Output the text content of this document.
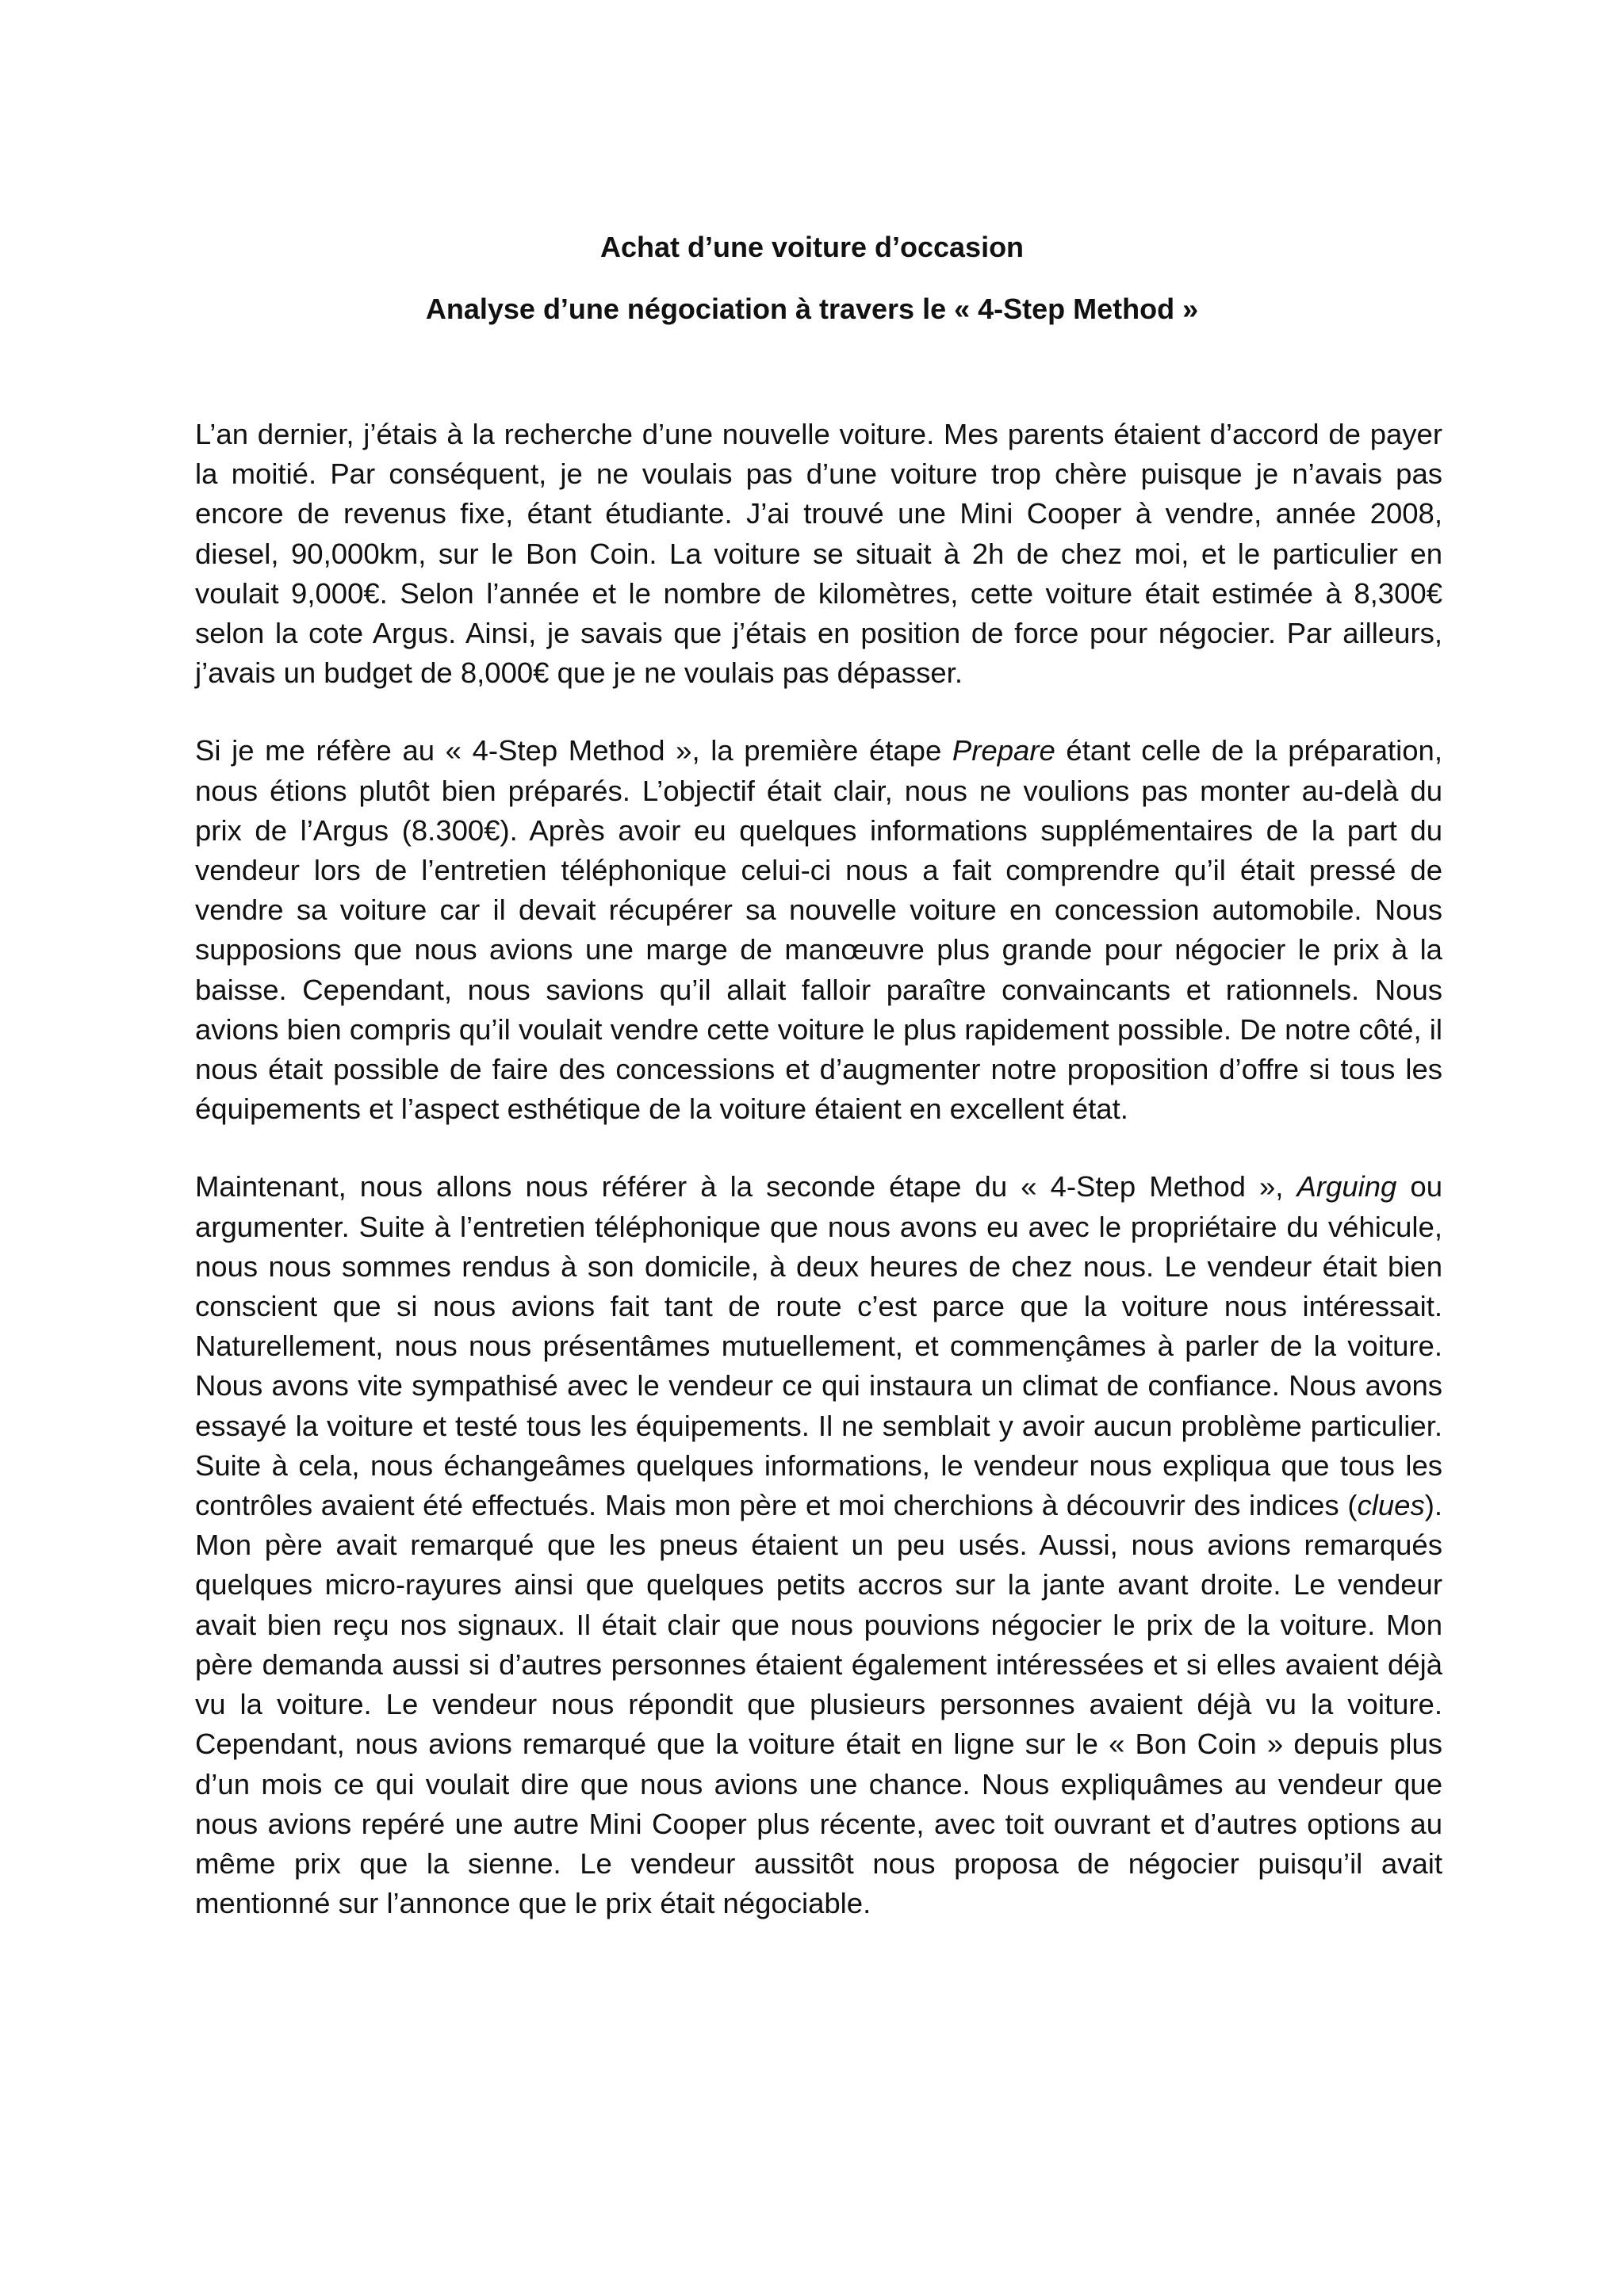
Achat d’une voiture d’occasion

Analyse d’une négociation à travers le « 4-Step Method »

L’an dernier, j’étais à la recherche d’une nouvelle voiture. Mes parents étaient d’accord de payer la moitié. Par conséquent, je ne voulais pas d’une voiture trop chère puisque je n’avais pas encore de revenus fixe, étant étudiante. J’ai trouvé une Mini Cooper à vendre, année 2008, diesel, 90,000km, sur le Bon Coin. La voiture se situait à 2h de chez moi, et le particulier en voulait 9,000€. Selon l’année et le nombre de kilomètres, cette voiture était estimée à 8,300€ selon la cote Argus. Ainsi, je savais que j’étais en position de force pour négocier. Par ailleurs, j’avais un budget de 8,000€ que je ne voulais pas dépasser.

Si je me réfère au « 4-Step Method », la première étape Prepare étant celle de la préparation, nous étions plutôt bien préparés. L’objectif était clair, nous ne voulions pas monter au-delà du prix de l’Argus (8.300€). Après avoir eu quelques informations supplémentaires de la part du vendeur lors de l’entretien téléphonique celui-ci nous a fait comprendre qu’il était pressé de vendre sa voiture car il devait récupérer sa nouvelle voiture en concession automobile. Nous supposions que nous avions une marge de manœuvre plus grande pour négocier le prix à la baisse. Cependant, nous savions qu’il allait falloir paraître convaincants et rationnels. Nous avions bien compris qu’il voulait vendre cette voiture le plus rapidement possible. De notre côté, il nous était possible de faire des concessions et d’augmenter notre proposition d’offre si tous les équipements et l’aspect esthétique de la voiture étaient en excellent état.

Maintenant, nous allons nous référer à la seconde étape du « 4-Step Method », Arguing ou argumenter. Suite à l’entretien téléphonique que nous avons eu avec le propriétaire du véhicule, nous nous sommes rendus à son domicile, à deux heures de chez nous. Le vendeur était bien conscient que si nous avions fait tant de route c’est parce que la voiture nous intéressait. Naturellement, nous nous présentâmes mutuellement, et commençâmes à parler de la voiture. Nous avons vite sympathisé avec le vendeur ce qui instaura un climat de confiance. Nous avons essayé la voiture et testé tous les équipements. Il ne semblait y avoir aucun problème particulier. Suite à cela, nous échangeâmes quelques informations, le vendeur nous expliqua que tous les contrôles avaient été effectués. Mais mon père et moi cherchions à découvrir des indices (clues). Mon père avait remarqué que les pneus étaient un peu usés. Aussi, nous avions remarqués quelques micro-rayures ainsi que quelques petits accros sur la jante avant droite. Le vendeur avait bien reçu nos signaux. Il était clair que nous pouvions négocier le prix de la voiture. Mon père demanda aussi si d’autres personnes étaient également intéressées et si elles avaient déjà vu la voiture. Le vendeur nous répondit que plusieurs personnes avaient déjà vu la voiture. Cependant, nous avions remarqué que la voiture était en ligne sur le « Bon Coin » depuis plus d’un mois ce qui voulait dire que nous avions une chance. Nous expliquâmes au vendeur que nous avions repéré une autre Mini Cooper plus récente, avec toit ouvrant et d’autres options au même prix que la sienne. Le vendeur aussitôt nous proposa de négocier puisqu’il avait mentionné sur l’annonce que le prix était négociable.
